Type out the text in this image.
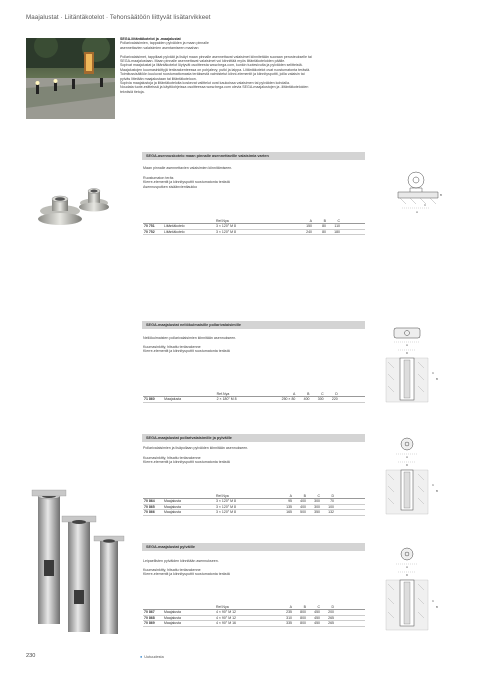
Maajalustat · Liitäntäkotelot · Tehonsäätöön liittyvät lisätarvikkeet

SEGA-liitäntäkotelot ja -maajalustat

Pollarivalaisimien, tappaiden pylväiden ja maan pinnalle

asennettavien valaisimien asentamiseen maahan

Pollarivalaisimet, tappiilaat pylväät ja lisäyt maan pinnalle asennettavat valaisimet kiinnitetään suoraan perusteukselle tai

SEGA-maajalustaan. Maan pinnalle asennettavat valaisimet voi kiinnittää myös liitäntäkoteloiden päälle.

Sopivat maajalustat ja liitäntäkotelot löytyvät osoitteesta www.bega.com, kunkin tuotesivulta ja pylväiden selitteistä.

Maajalustojen kuumasinkittyjä teräsrakenteessa on pohjalevy, putki ja laippa. Liitäntäkotelot ovat ruostumatonta terästä.

Toimitussisältöön kuuluvat ruostumattomasta teräksestä valmistetut kiinni-elementit ja kiinnitysputtit, joilla valaisin tai

pylväs liitetään maajalustaan tai liitäntäkoteloon.

Sopivia maajalustoja ja liitäntäkoteloita koskevat valittelut ovat kaukoissa valaisimen tai pylväiden kohdalla.

Noudata tuote-esitteissä ja käyttöohjeissa osoitteessa www.bega.com olevia SEGA-maajalustojen ja -liitäntäkoteloiden

tekniisiä tietoja.

SEGA-asennuskotelo maan pinnalle asennettaville valaisimia varten
Maan pinnalle asennettavien valaisimien kiinnitämiseen.
Ruostumaton teräs
Kierre-elementit ja kiinnitysputtit ruostumatonta terästä
Asennusputken sisäänvientiaukko
		Ref.Nya	A	B	C	
70 751	Liitäntäkotelo	3 × 120° M 8	150	80	110	
70 752	Liitäntäkotelo	3 × 120° M 8	240	80	180	
A
B
C
SEGA-maajalustat neliökulmaisille pollarivalaisimille
Neliökulmaisten pollarivalaisimien kiinnitään asennukseen.
Kuumasinkitty, hitsattu teräsrakenne
Kierre-elementit ja kiinnitysputtit ruostumatonta terästä
		Ref.Nya	A	B	C	D	
71 860	Maajalusta	2 × 180° M 8	250 × 80	400	300	220	
A
D
C
B
SEGA-maajalustat pollarivalaisimille ja pylväille
Pollarivalaisimien ja lisäpollaan pylväiden kiinnitään asennukseen.
Kuumasinkitty, hitsattu teräsrakenne
Kierre-elementit ja kiinnitysputtit ruostumatonta terästä
		Ref.Nya	A	B	C	D	
70 864	Maajalusta	3 × 120° M 8	95	400	300	70	
70 865	Maajalusta	3 × 120° M 8	135	400	300	100	
70 866	Maajalusta	3 × 120° M 8	165	500	350	132	
A
D
C
B
SEGA-maajalustat pylväille
Leipaellisten pylväiden kiinnitään asennukseen.
Kuumasinkitty, hitsattu teräsrakenne
Kierre-elementit ja kiinnitysputtit ruostumatonta terästä
		Ref.Nya	A	B	C	D	
70 867	Maajalusta	4 × 90° M 12	235	800	450	200	
70 868	Maajalusta	4 × 90° M 12	310	800	450	265	
70 869	Maajalusta	4 × 90° M 16	335	800	450	265	
A
D
C
B
230	● Uutuudesta
